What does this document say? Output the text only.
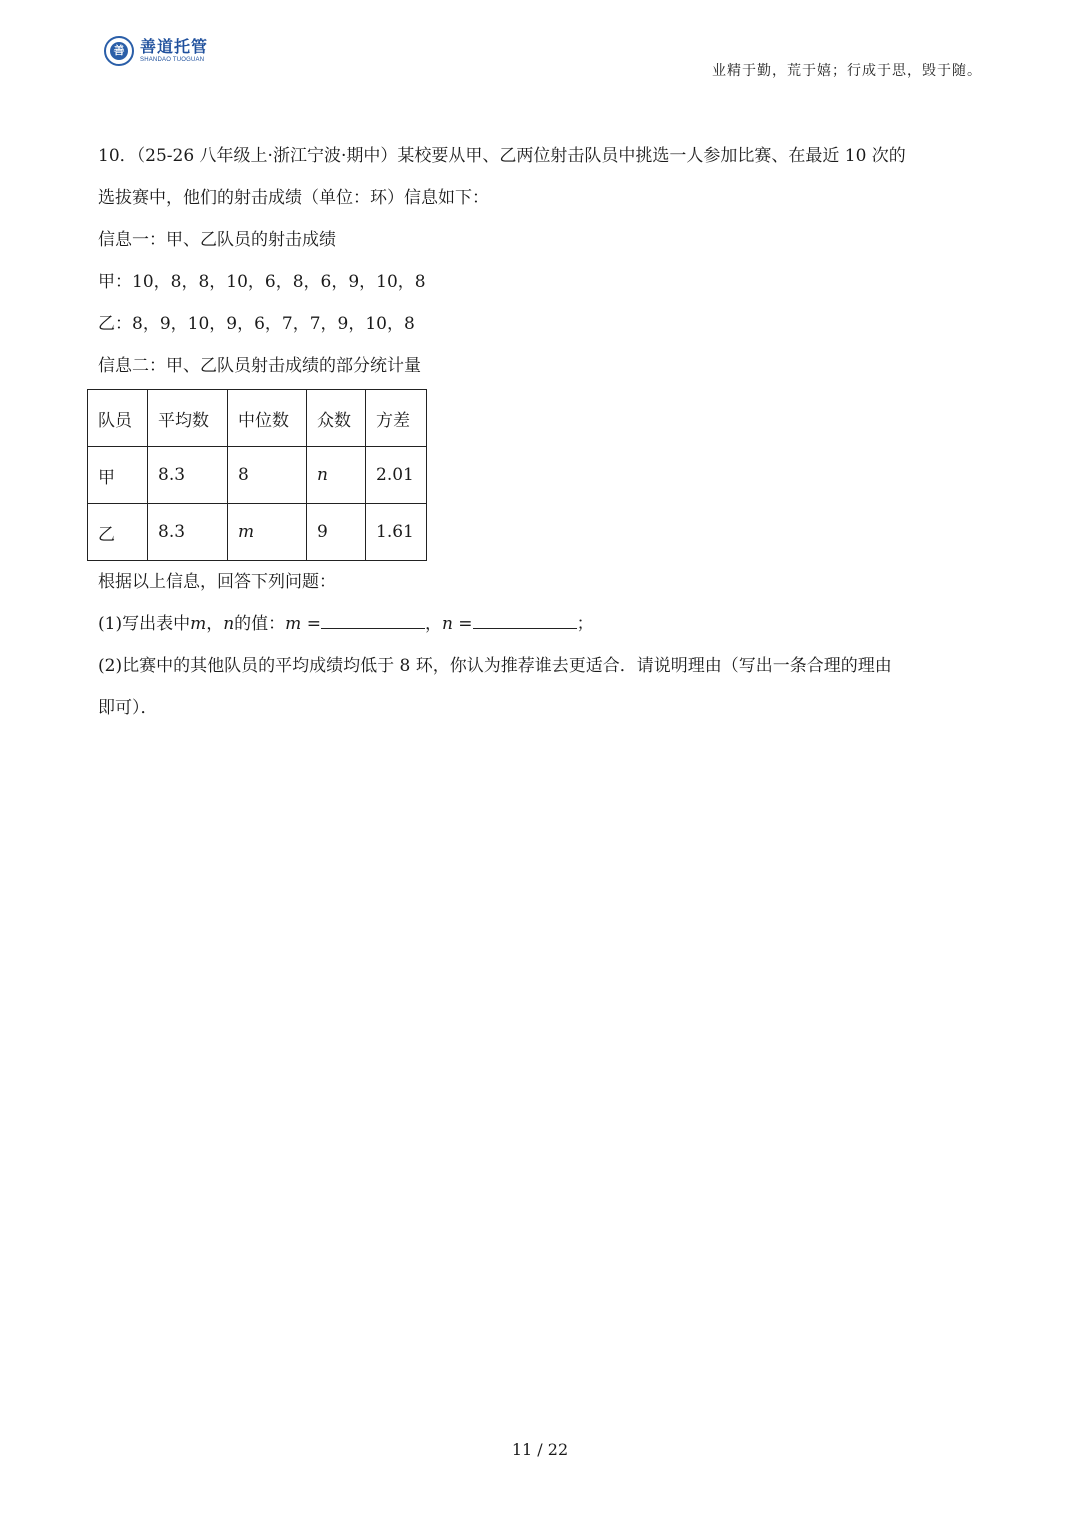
善 善道托管
SHANDAO TUOGUAN
业精于勤，荒于嬉；行成于思，毁于随。
10．（25-26 八年级上·浙江宁波·期中）某校要从甲、乙两位射击队员中挑选一人参加比赛、在最近 10 次的
选拔赛中，他们的射击成绩（单位：环）信息如下：
信息一：甲、乙队员的射击成绩
甲：10，8，8，10，6，8，6，9，10，8
乙：8，9，10，9，6，7，7，9，10，8
信息二：甲、乙队员射击成绩的部分统计量
队员	平均数	中位数	众数	方差
甲	8.3	8	n	2.01
乙	8.3	m	9	1.61
根据以上信息，回答下列问题：
(1)写出表中m，n的值：m =	，n =	；
(2)比赛中的其他队员的平均成绩均低于 8 环，你认为推荐谁去更适合．请说明理由（写出一条合理的理由
即可）．
11 / 22
